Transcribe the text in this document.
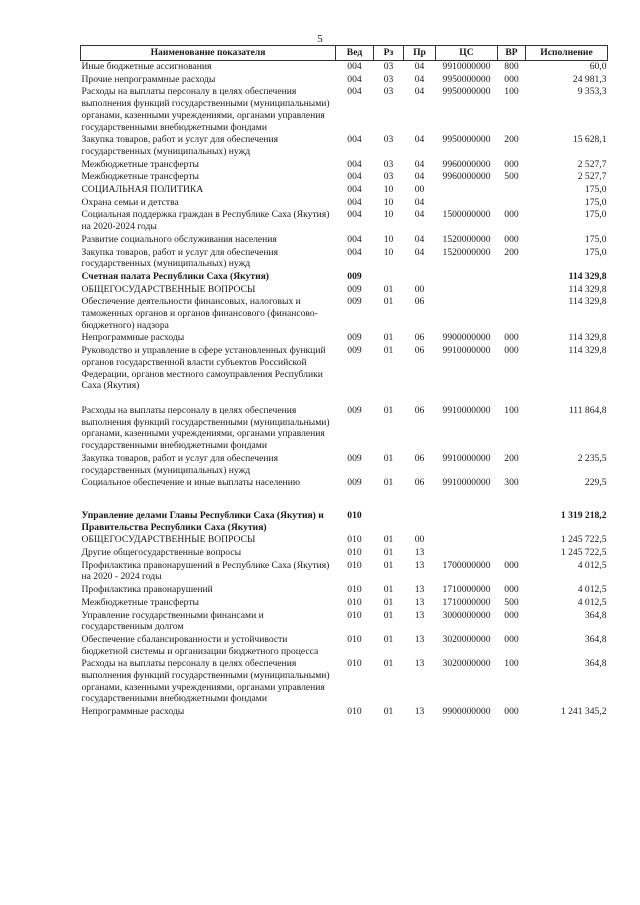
5
Наименование показателя	Вед	Рз	Пр	ЦС	ВР	Исполнение
Иные бюджетные ассигнования	004	03	04	9910000000	800	60,0
Прочие непрограммные расходы	004	03	04	9950000000	000	24 981,3
Расходы на выплаты персоналу в целях обеспечения выполнения функций государственными (муниципальными) органами, казенными учреждениями, органами управления государственными внебюджетными фондами	004	03	04	9950000000	100	9 353,3
Закупка товаров, работ и услуг для обеспечения государственных (муниципальных) нужд	004	03	04	9950000000	200	15 628,1
Межбюджетные трансферты	004	03	04	9960000000	000	2 527,7
Межбюджетные трансферты	004	03	04	9960000000	500	2 527,7
СОЦИАЛЬНАЯ ПОЛИТИКА	004	10	00			175,0
Охрана семьи и детства	004	10	04			175,0
Социальная поддержка граждан в Республике Саха (Якутия) на 2020-2024 годы	004	10	04	1500000000	000	175,0
Развитие социального обслуживания населения	004	10	04	1520000000	000	175,0
Закупка товаров, работ и услуг для обеспечения государственных (муниципальных) нужд	004	10	04	1520000000	200	175,0
Счетная палата Республики Саха (Якутия)	009					114 329,8
ОБЩЕГОСУДАРСТВЕННЫЕ ВОПРОСЫ	009	01	00			114 329,8
Обеспечение деятельности финансовых, налоговых и таможенных органов и органов финансового (финансово-бюджетного) надзора	009	01	06			114 329,8
Непрограммные расходы	009	01	06	9900000000	000	114 329,8
Руководство и управление в сфере установленных функций органов государственной власти субъектов Российской Федерации, органов местного самоуправления Республики Саха (Якутия)	009	01	06	9910000000	000	114 329,8
Расходы на выплаты персоналу в целях обеспечения выполнения функций государственными (муниципальными) органами, казенными учреждениями, органами управления государственными внебюджетными фондами	009	01	06	9910000000	100	111 864,8
Закупка товаров, работ и услуг для обеспечения государственных (муниципальных) нужд	009	01	06	9910000000	200	2 235,5
Социальное обеспечение и иные выплаты населению	009	01	06	9910000000	300	229,5
Управление делами Главы Республики Саха (Якутия) и Правительства Республики Саха (Якутия)	010					1 319 218,2
ОБЩЕГОСУДАРСТВЕННЫЕ ВОПРОСЫ	010	01	00			1 245 722,5
Другие общегосударственные вопросы	010	01	13			1 245 722,5
Профилактика правонарушений в Республике Саха (Якутия) на 2020 - 2024 годы	010	01	13	1700000000	000	4 012,5
Профилактика правонарушений	010	01	13	1710000000	000	4 012,5
Межбюджетные трансферты	010	01	13	1710000000	500	4 012,5
Управление государственными финансами и государственным долгом	010	01	13	3000000000	000	364,8
Обеспечение сбалансированности и устойчивости бюджетной системы и организации бюджетного процесса	010	01	13	3020000000	000	364,8
Расходы на выплаты персоналу в целях обеспечения выполнения функций государственными (муниципальными) органами, казенными учреждениями, органами управления государственными внебюджетными фондами	010	01	13	3020000000	100	364,8
Непрограммные расходы	010	01	13	9900000000	000	1 241 345,2
